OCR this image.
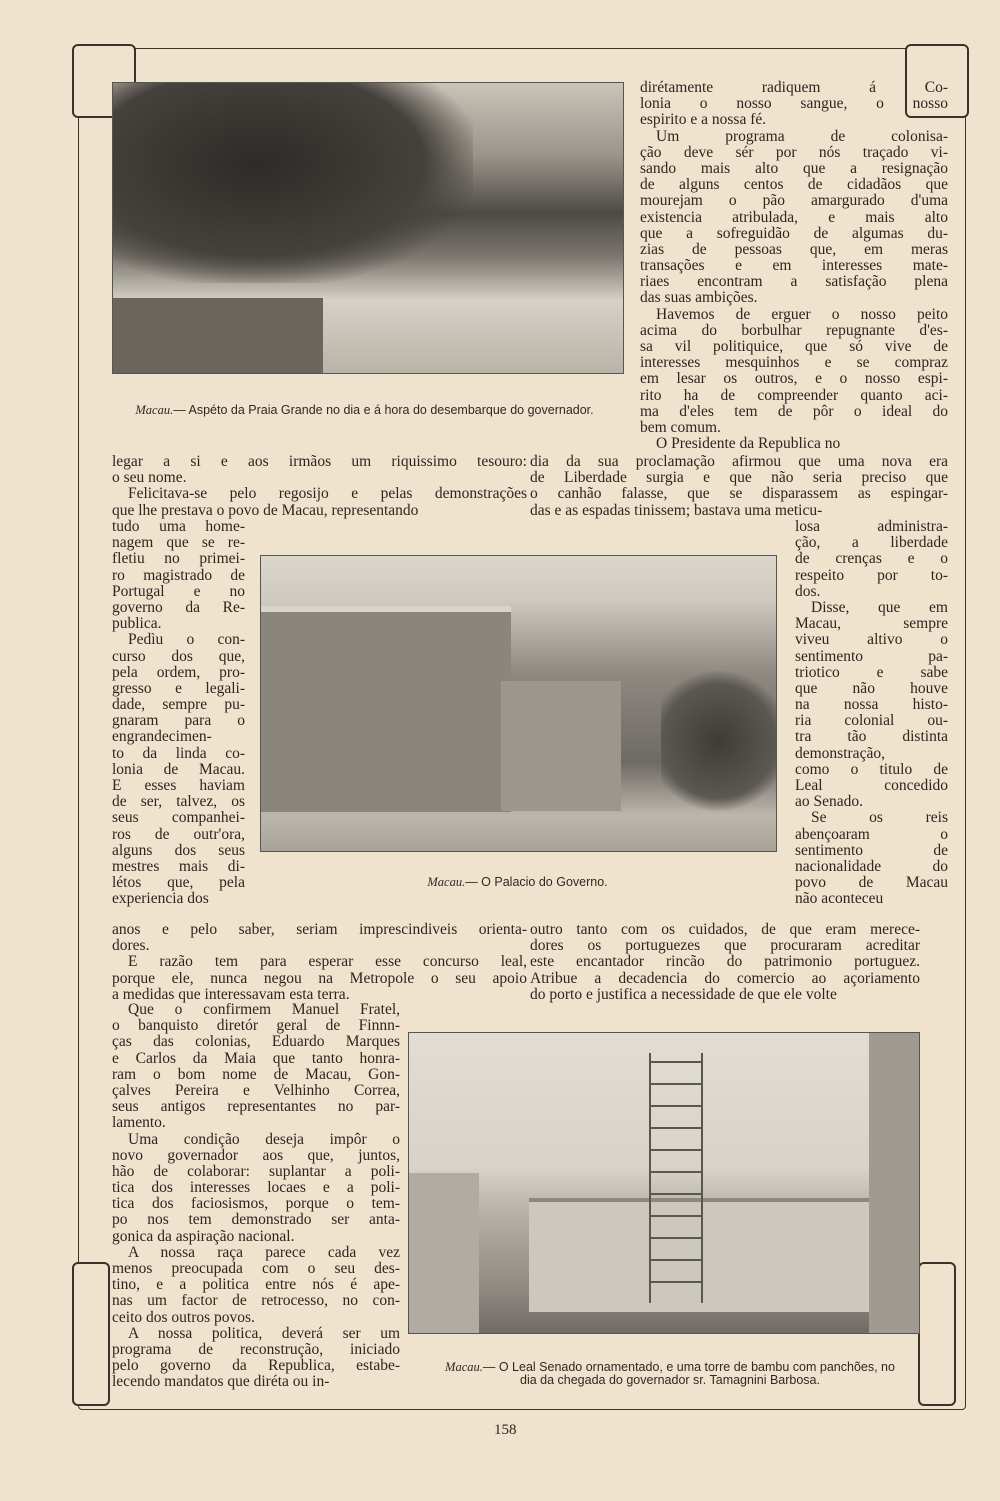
Macau.— Aspéto da Praia Grande no dia e á hora do desembarque do governador.
Macau.— O Palacio do Governo.
Macau.— O Leal Senado ornamentado, e uma torre de bambu com panchões, no dia da chegada do governador sr. Tamagnini Barbosa.
dirétamente radiquem á Co-
lonia o nosso sangue, o nosso
espirito e a nossa fé.
Um programa de colonisa-
ção deve sér por nós traçado vi-
sando mais alto que a resignação
de alguns centos de cidadãos que
mourejam o pão amargurado d'uma
existencia atribulada, e mais alto
que a sofreguidão de algumas du-
zias de pessoas que, em meras
transações e em interesses mate-
riaes encontram a satisfação plena
das suas ambições.
Havemos de erguer o nosso peito
acima do borbulhar repugnante d'es-
sa vil politiquice, que só vive de
interesses mesquinhos e se compraz
em lesar os outros, e o nosso espi-
rito ha de compreender quanto aci-
ma d'eles tem de pôr o ideal do
bem comum.
O Presidente da Republica no
legar a si e aos irmãos um riquissimo tesouro:
o seu nome.
Felicitava-se pelo regosijo e pelas demonstrações
que lhe prestava o povo de Macau, representando
tudo uma home-
nagem que se re-
fletiu no primei-
ro magistrado de
Portugal e no
governo da Re-
publica.
Pedìu o con-
curso dos que,
pela ordem, pro-
gresso e legali-
dade, sempre pu-
gnaram para o
engrandecimen-
to da linda co-
lonia de Macau.
E esses haviam
de ser, talvez, os
seus companhei-
ros de outr'ora,
alguns dos seus
mestres mais di-
létos que, pela
experiencia dos
anos e pelo saber, seriam imprescindiveis orienta-
dores.
E razão tem para esperar esse concurso leal,
porque ele, nunca negou na Metropole o seu apoio
a medidas que interessavam esta terra.
Que o confirmem Manuel Fratel,
o banquisto diretór geral de Finnn-
ças das colonias, Eduardo Marques
e Carlos da Maia que tanto honra-
ram o bom nome de Macau, Gon-
çalves Pereira e Velhinho Correa,
seus antigos representantes no par-
lamento.
Uma condição deseja impôr o
novo governador aos que, juntos,
hão de colaborar: suplantar a poli-
tica dos interesses locaes e a poli-
tica dos faciosismos, porque o tem-
po nos tem demonstrado ser anta-
gonica da aspiração nacional.
A nossa raça parece cada vez
menos preocupada com o seu des-
tino, e a politica entre nós é ape-
nas um factor de retrocesso, no con-
ceito dos outros povos.
A nossa politica, deverá ser um
programa de reconstrução, iniciado
pelo governo da Republica, estabe-
lecendo mandatos que diréta ou in-
dia da sua proclamação afirmou que uma nova era
de Liberdade surgia e que não seria preciso que
o canhão falasse, que se disparassem as espingar-
das e as espadas tinissem; bastava uma meticu-
losa administra-
ção, a liberdade
de crenças e o
respeito por to-
dos.
Disse, que em
Macau, sempre
viveu altivo o
sentimento pa-
triotico e sabe
que não houve
na nossa histo-
ria colonial ou-
tra tão distinta
demonstração,
como o titulo de
Leal concedido
ao Senado.
Se os reis
abençoaram o
sentimento de
nacionalidade do
povo de Macau
não aconteceu
outro tanto com os cuidados, de que eram merece-
dores os portuguezes que procuraram acreditar
este encantador rincão do patrimonio portuguez.
Atribue a decadencia do comercio ao açoriamento
do porto e justifica a necessidade de que ele volte
158
